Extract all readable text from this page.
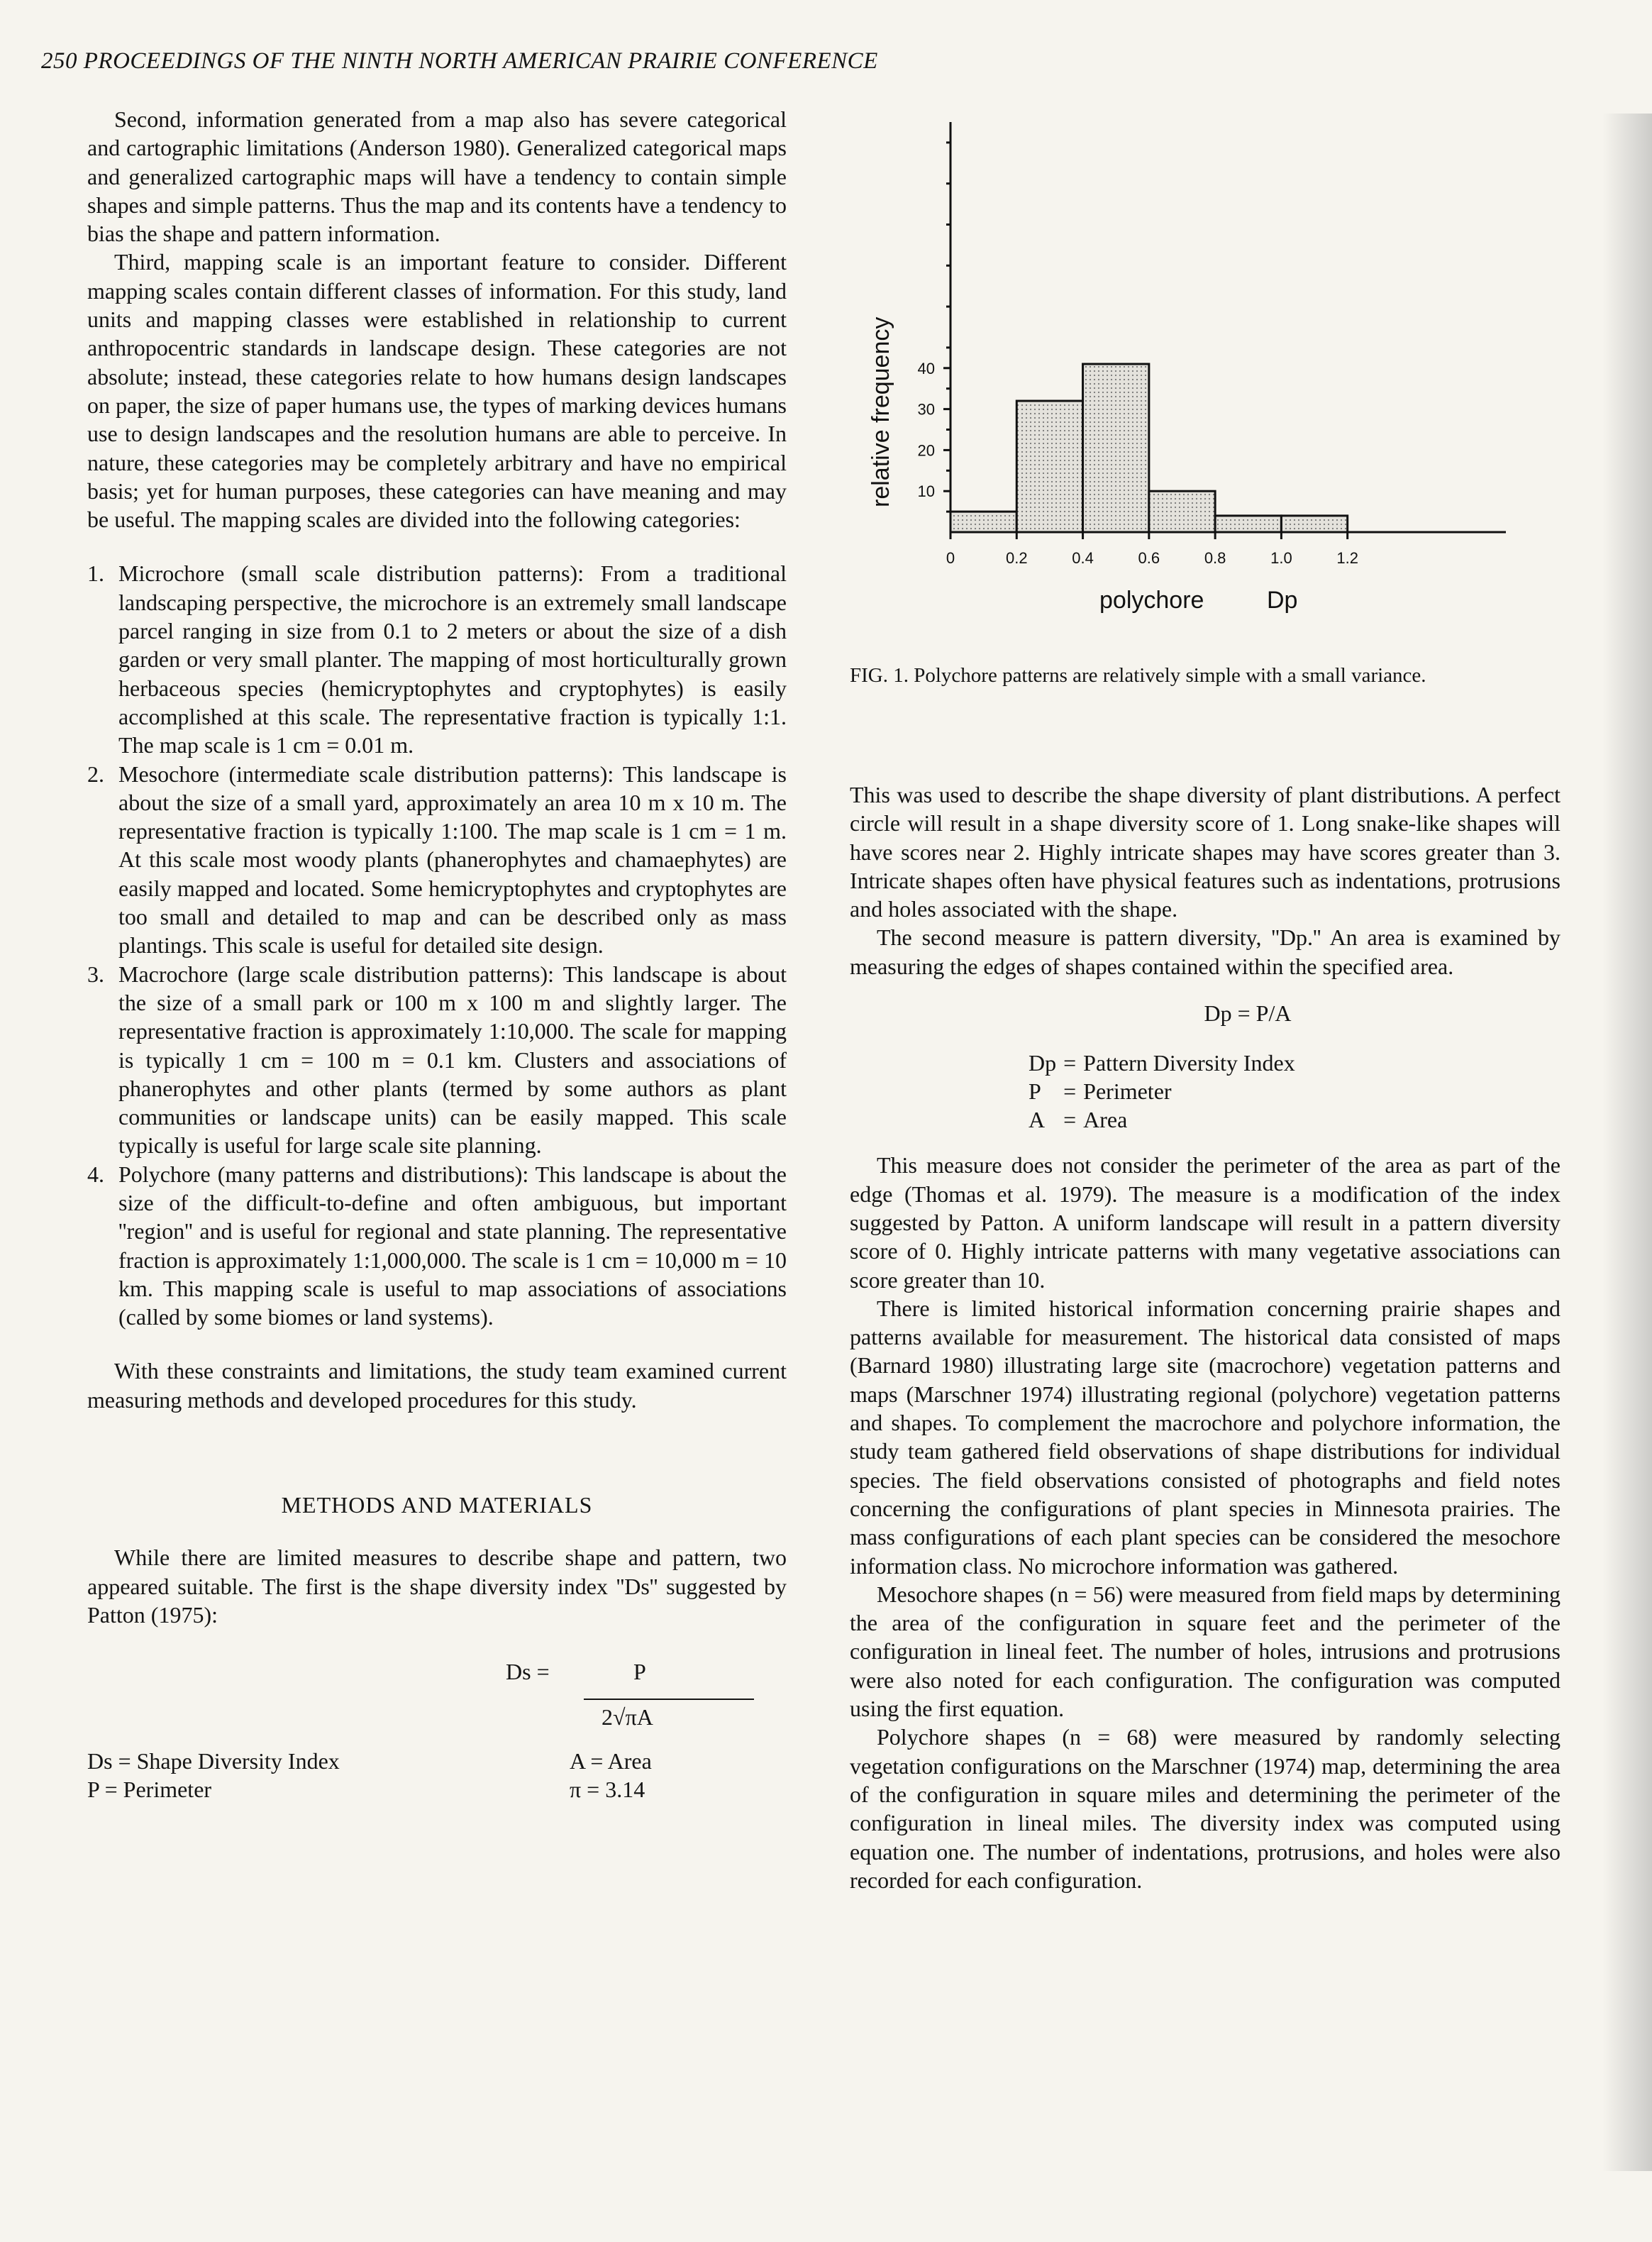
250 PROCEEDINGS OF THE NINTH NORTH AMERICAN PRAIRIE CONFERENCE

Second, information generated from a map also has severe categorical and cartographic limitations (Anderson 1980). Generalized categorical maps and generalized cartographic maps will have a tendency to contain simple shapes and simple patterns. Thus the map and its contents have a tendency to bias the shape and pattern information.

Third, mapping scale is an important feature to consider. Different mapping scales contain different classes of information. For this study, land units and mapping classes were established in relationship to current anthropocentric standards in landscape design. These categories are not absolute; instead, these categories relate to how humans design landscapes on paper, the size of paper humans use, the types of marking devices humans use to design landscapes and the resolution humans are able to perceive. In nature, these categories may be completely arbitrary and have no empirical basis; yet for human purposes, these categories can have meaning and may be useful. The mapping scales are divided into the following categories:

1. Microchore (small scale distribution patterns): From a traditional landscaping perspective, the microchore is an extremely small landscape parcel ranging in size from 0.1 to 2 meters or about the size of a dish garden or very small planter. The mapping of most horticulturally grown herbaceous species (hemicryptophytes and cryptophytes) is easily accomplished at this scale. The representative fraction is typically 1:1. The map scale is 1 cm = 0.01 m.
2. Mesochore (intermediate scale distribution patterns): This landscape is about the size of a small yard, approximately an area 10 m x 10 m. The representative fraction is typically 1:100. The map scale is 1 cm = 1 m. At this scale most woody plants (phanerophytes and chamaephytes) are easily mapped and located. Some hemicryptophytes and cryptophytes are too small and detailed to map and can be described only as mass plantings. This scale is useful for detailed site design.
3. Macrochore (large scale distribution patterns): This landscape is about the size of a small park or 100 m x 100 m and slightly larger. The representative fraction is approximately 1:10,000. The scale for mapping is typically 1 cm = 100 m = 0.1 km. Clusters and associations of phanerophytes and other plants (termed by some authors as plant communities or landscape units) can be easily mapped. This scale typically is useful for large scale site planning.
4. Polychore (many patterns and distributions): This landscape is about the size of the difficult-to-define and often ambiguous, but important ''region'' and is useful for regional and state planning. The representative fraction is approximately 1:1,000,000. The scale is 1 cm = 10,000 m = 10 km. This mapping scale is useful to map associations of associations (called by some biomes or land systems).

With these constraints and limitations, the study team examined current measuring methods and developed procedures for this study.

METHODS AND MATERIALS

While there are limited measures to describe shape and pattern, two appeared suitable. The first is the shape diversity index ''Ds'' suggested by Patton (1975):

Ds =	P
2√πA
Ds = Shape Diversity Index
P = Perimeter
A = Area
π = 3.14
10
20
30
40
0	0.2	0.4	0.6	0.8	1.0	1.2
relative frequency
polychore	Dp
FIG. 1. Polychore patterns are relatively simple with a small variance.

This was used to describe the shape diversity of plant distributions. A perfect circle will result in a shape diversity score of 1. Long snake-like shapes will have scores near 2. Highly intricate shapes may have scores greater than 3. Intricate shapes often have physical features such as indentations, protrusions and holes associated with the shape.

The second measure is pattern diversity, ''Dp.'' An area is examined by measuring the edges of shapes contained within the specified area.

Dp = P/A
Dp	=	Pattern Diversity Index
P	=	Perimeter
A	=	Area

This measure does not consider the perimeter of the area as part of the edge (Thomas et al. 1979). The measure is a modification of the index suggested by Patton. A uniform landscape will result in a pattern diversity score of 0. Highly intricate patterns with many vegetative associations can score greater than 10.

There is limited historical information concerning prairie shapes and patterns available for measurement. The historical data consisted of maps (Barnard 1980) illustrating large site (macrochore) vegetation patterns and maps (Marschner 1974) illustrating regional (polychore) vegetation patterns and shapes. To complement the macrochore and polychore information, the study team gathered field observations of shape distributions for individual species. The field observations consisted of photographs and field notes concerning the configurations of plant species in Minnesota prairies. The mass configurations of each plant species can be considered the mesochore information class. No microchore information was gathered.

Mesochore shapes (n = 56) were measured from field maps by determining the area of the configuration in square feet and the perimeter of the configuration in lineal feet. The number of holes, intrusions and protrusions were also noted for each configuration. The configuration was computed using the first equation.

Polychore shapes (n = 68) were measured by randomly selecting vegetation configurations on the Marschner (1974) map, determining the area of the configuration in square miles and determining the perimeter of the configuration in lineal miles. The diversity index was computed using equation one. The number of indentations, protrusions, and holes were also recorded for each configuration.
